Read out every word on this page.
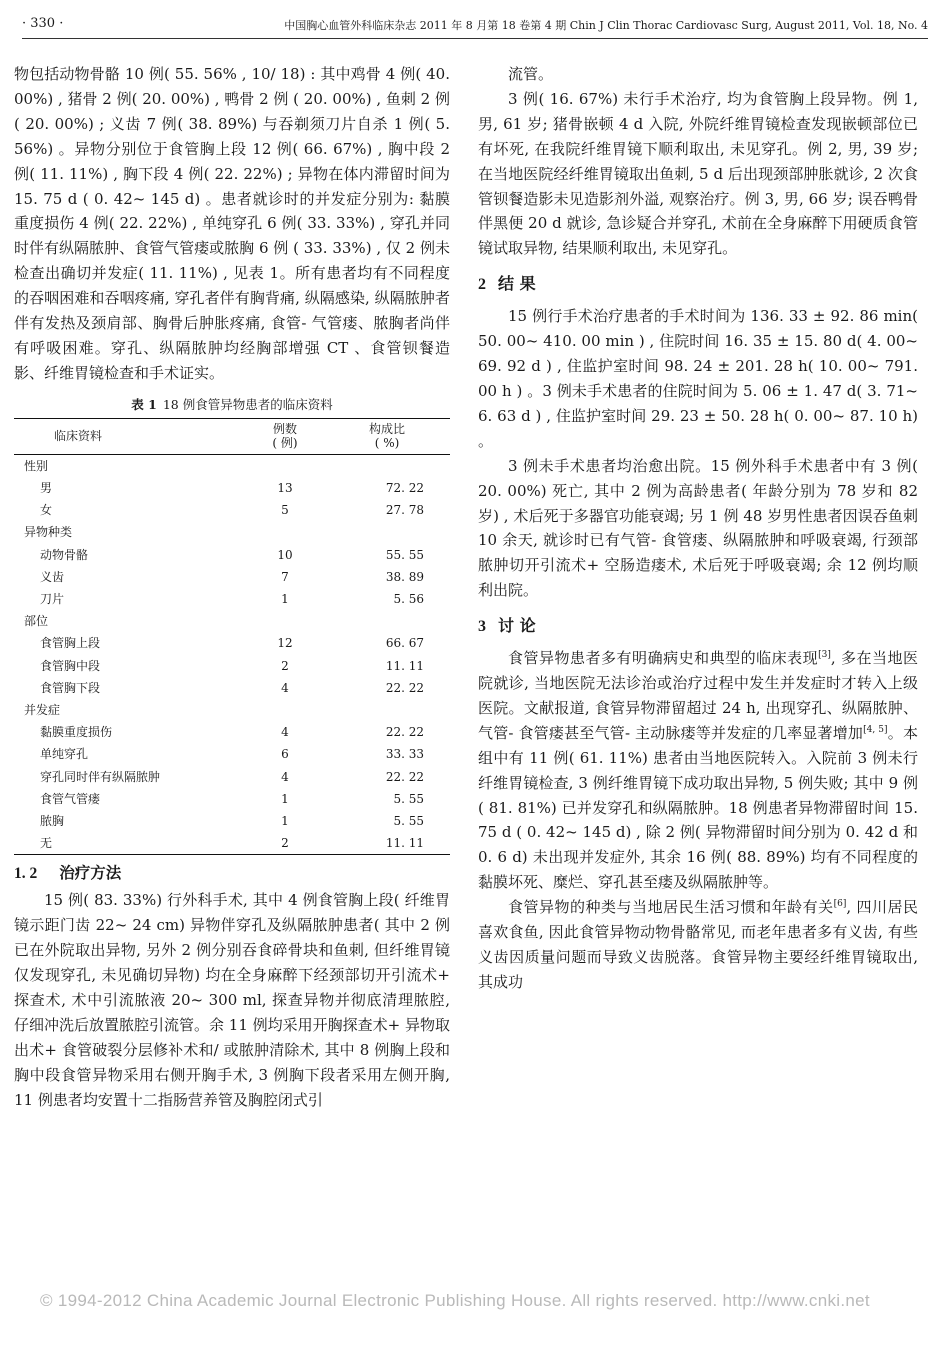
· 330 ·	中国胸心血管外科临床杂志 2011 年 8 月第 18 卷第 4 期 Chin J Clin Thorac Cardiovasc Surg, August 2011, Vol. 18, No. 4

物包括动物骨骼 10 例( 55. 56% , 10/ 18) : 其中鸡骨 4 例( 40. 00%) , 猪骨 2 例( 20. 00%) , 鸭骨 2 例 ( 20. 00%) , 鱼刺 2 例( 20. 00%) ; 义齿 7 例( 38. 89%) 与吞剃须刀片自杀 1 例( 5. 56%) 。异物分别位于食管胸上段 12 例( 66. 67%) , 胸中段 2 例( 11. 11%) , 胸下段 4 例( 22. 22%) ; 异物在体内滞留时间为 15. 75 d ( 0. 42~ 145 d) 。患者就诊时的并发症分别为: 黏膜重度损伤 4 例( 22. 22%) , 单纯穿孔 6 例( 33. 33%) , 穿孔并同时伴有纵隔脓肿、食管气管瘘或脓胸 6 例 ( 33. 33%) , 仅 2 例未检查出确切并发症( 11. 11%) , 见表 1。所有患者均有不同程度的吞咽困难和吞咽疼痛, 穿孔者伴有胸背痛, 纵隔感染, 纵隔脓肿者伴有发热及颈肩部、胸骨后肿胀疼痛, 食管- 气管瘘、脓胸者尚伴有呼吸困难。穿孔、纵隔脓肿均经胸部增强 CT 、食管钡餐造影、纤维胃镜检查和手术证实。

表 1 18 例食管异物患者的临床资料
临床资料	例数
( 例)	构成比
( %)
性别		
男	13	72. 22
女	5	27. 78
异物种类		
动物骨骼	10	55. 55
义齿	7	38. 89
刀片	1	5. 56
部位		
食管胸上段	12	66. 67
食管胸中段	2	11. 11
食管胸下段	4	22. 22
并发症		
黏膜重度损伤	4	22. 22
单纯穿孔	6	33. 33
穿孔同时伴有纵隔脓肿	4	22. 22
食管气管瘘	1	5. 55
脓胸	1	5. 55
无	2	11. 11
1. 2 治疗方法

15 例( 83. 33%) 行外科手术, 其中 4 例食管胸上段( 纤维胃镜示距门齿 22~ 24 cm) 异物伴穿孔及纵隔脓肿患者( 其中 2 例已在外院取出异物, 另外 2 例分别吞食碎骨块和鱼刺, 但纤维胃镜仅发现穿孔, 未见确切异物) 均在全身麻醉下经颈部切开引流术+ 探查术, 术中引流脓液 20~ 300 ml, 探查异物并彻底清理脓腔, 仔细冲洗后放置脓腔引流管。余 11 例均采用开胸探查术+ 异物取出术+ 食管破裂分层修补术和/ 或脓肿清除术, 其中 8 例胸上段和胸中段食管异物采用右侧开胸手术, 3 例胸下段者采用左侧开胸, 11 例患者均安置十二指肠营养管及胸腔闭式引

流管。

3 例( 16. 67%) 未行手术治疗, 均为食管胸上段异物。例 1, 男, 61 岁; 猪骨嵌顿 4 d 入院, 外院纤维胃镜检查发现嵌顿部位已有坏死, 在我院纤维胃镜下顺利取出, 未见穿孔。例 2, 男, 39 岁; 在当地医院经纤维胃镜取出鱼刺, 5 d 后出现颈部肿胀就诊, 2 次食管钡餐造影未见造影剂外溢, 观察治疗。例 3, 男, 66 岁; 误吞鸭骨伴黑便 20 d 就诊, 急诊疑合并穿孔, 术前在全身麻醉下用硬质食管镜试取异物, 结果顺利取出, 未见穿孔。

2 结 果

15 例行手术治疗患者的手术时间为 136. 33 ± 92. 86 min( 50. 00~ 410. 00 min ) , 住院时间 16. 35 ± 15. 80 d( 4. 00~ 69. 92 d ) , 住监护室时间 98. 24 ± 201. 28 h( 10. 00~ 791. 00 h ) 。3 例未手术患者的住院时间为 5. 06 ± 1. 47 d( 3. 71~ 6. 63 d ) , 住监护室时间 29. 23 ± 50. 28 h( 0. 00~ 87. 10 h) 。

3 例未手术患者均治愈出院。15 例外科手术患者中有 3 例( 20. 00%) 死亡, 其中 2 例为高龄患者( 年龄分别为 78 岁和 82 岁) , 术后死于多器官功能衰竭; 另 1 例 48 岁男性患者因误吞鱼刺 10 余天, 就诊时已有气管- 食管瘘、纵隔脓肿和呼吸衰竭, 行颈部脓肿切开引流术+ 空肠造瘘术, 术后死于呼吸衰竭; 余 12 例均顺利出院。

3 讨 论

食管异物患者多有明确病史和典型的临床表现[3], 多在当地医院就诊, 当地医院无法诊治或治疗过程中发生并发症时才转入上级医院。文献报道, 食管异物滞留超过 24 h, 出现穿孔、纵隔脓肿、气管- 食管瘘甚至气管- 主动脉瘘等并发症的几率显著增加[4, 5]。本组中有 11 例( 61. 11%) 患者由当地医院转入。入院前 3 例未行纤维胃镜检查, 3 例纤维胃镜下成功取出异物, 5 例失败; 其中 9 例( 81. 81%) 已并发穿孔和纵隔脓肿。18 例患者异物滞留时间 15. 75 d ( 0. 42~ 145 d) , 除 2 例( 异物滞留时间分别为 0. 42 d 和 0. 6 d) 未出现并发症外, 其余 16 例( 88. 89%) 均有不同程度的黏膜坏死、糜烂、穿孔甚至瘘及纵隔脓肿等。

食管异物的种类与当地居民生活习惯和年龄有关[6], 四川居民喜欢食鱼, 因此食管异物动物骨骼常见, 而老年患者多有义齿, 有些义齿因质量问题而导致义齿脱落。食管异物主要经纤维胃镜取出, 其成功

© 1994-2012 China Academic Journal Electronic Publishing House. All rights reserved. http://www.cnki.net
